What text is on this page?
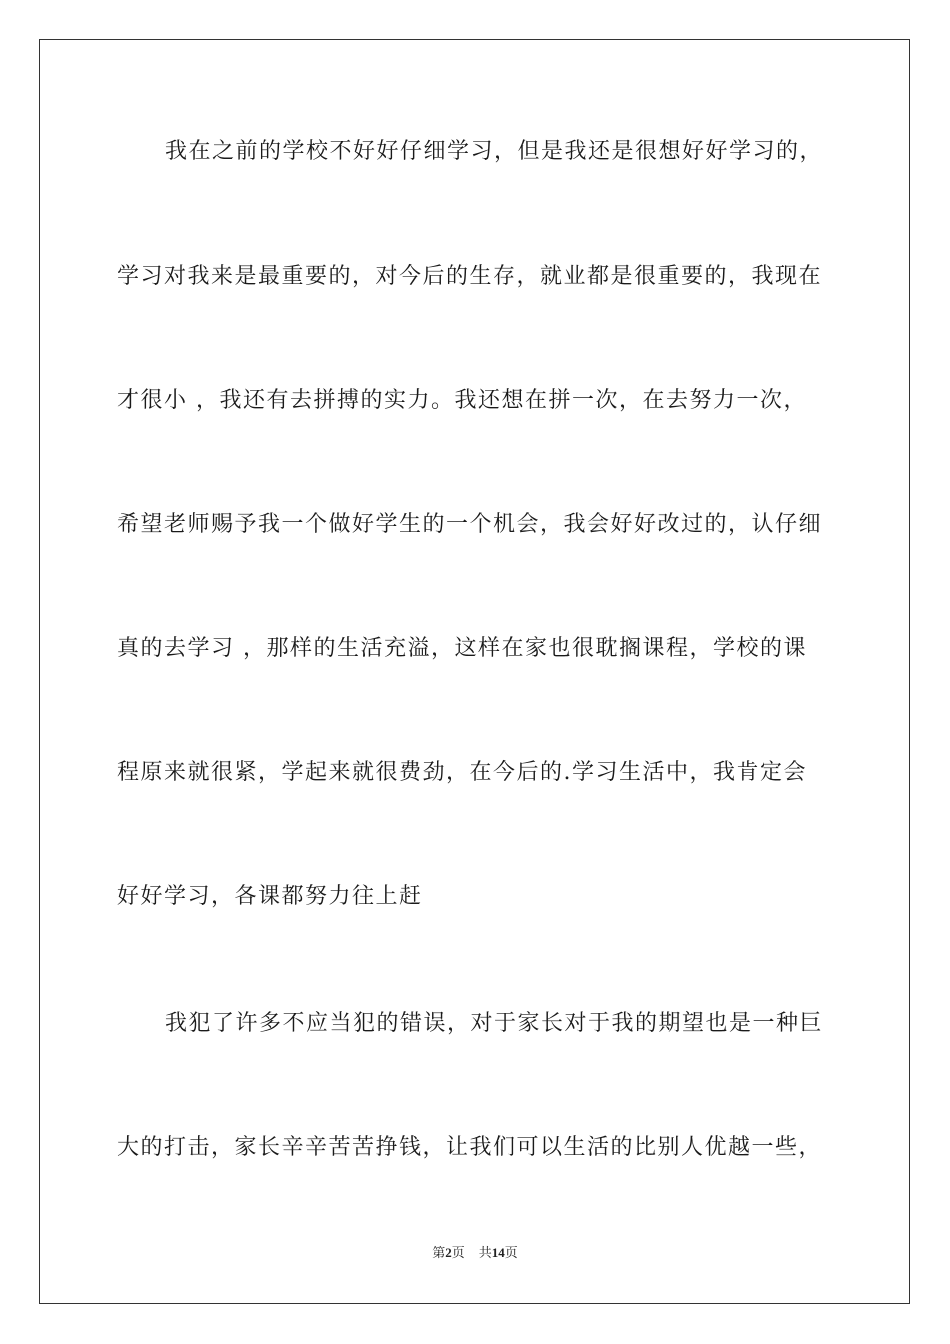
我在之前的学校不好好仔细学习，但是我还是很想好好学习的，
学习对我来是最重要的，对今后的生存，就业都是很重要的，我现在
才很小 ，我还有去拼搏的实力。我还想在拼一次，在去努力一次，
希望老师赐予我一个做好学生的一个机会，我会好好改过的，认仔细
真的去学习 ，那样的生活充溢，这样在家也很耽搁课程，学校的课
程原来就很紧，学起来就很费劲，在今后的.学习生活中，我肯定会
好好学习，各课都努力往上赶
我犯了许多不应当犯的错误，对于家长对于我的期望也是一种巨
大的打击，家长辛辛苦苦挣钱，让我们可以生活的比别人优越一些，
第2页 共14页
